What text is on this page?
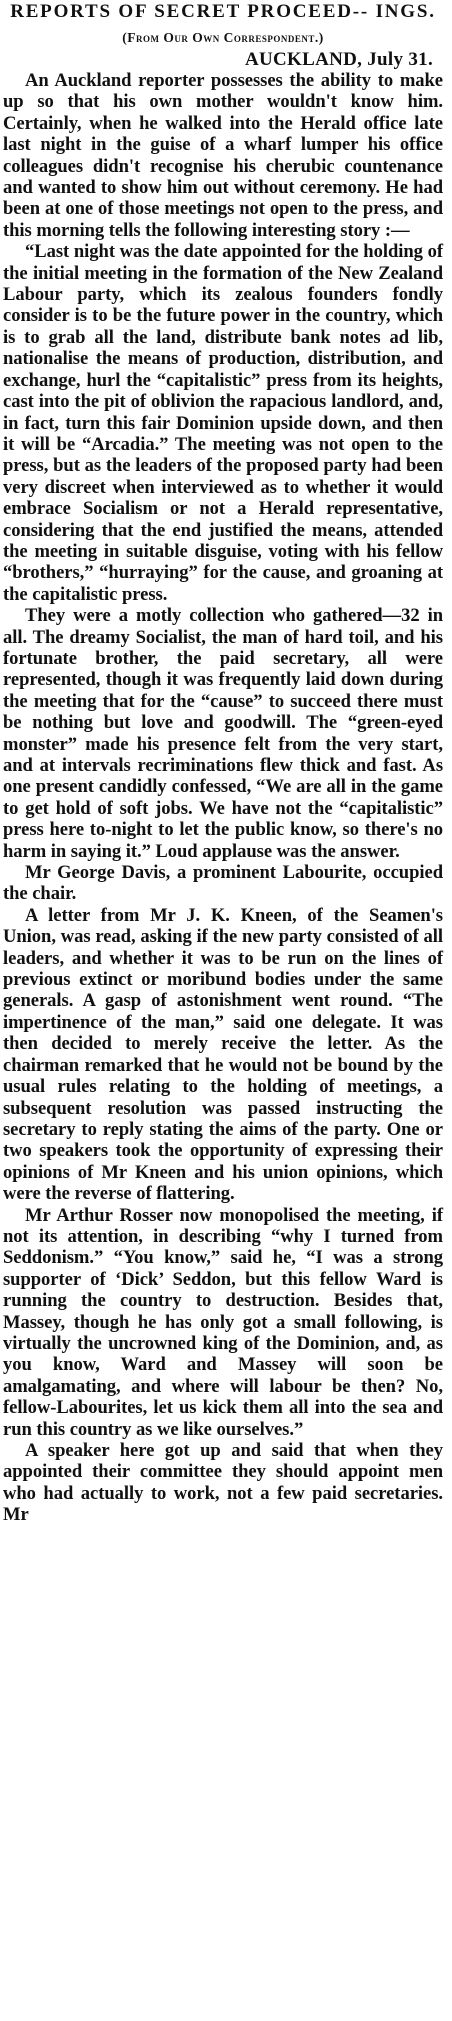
REPORTS OF SECRET PROCEED-- INGS.
(From Our Own Correspondent.)
AUCKLAND, July 31.

An Auckland reporter possesses the ability to make up so that his own mother wouldn't know him. Certainly, when he walked into the Herald office late last night in the guise of a wharf lumper his office colleagues didn't recognise his cherubic countenance and wanted to show him out without ceremony. He had been at one of those meetings not open to the press, and this morning tells the following interesting story :—

“Last night was the date appointed for the holding of the initial meeting in the formation of the New Zealand Labour party, which its zealous founders fondly consider is to be the future power in the country, which is to grab all the land, distribute bank notes ad lib, nationalise the means of production, distribution, and exchange, hurl the “capitalistic” press from its heights, cast into the pit of oblivion the rapacious landlord, and, in fact, turn this fair Dominion upside down, and then it will be “Arcadia.” The meeting was not open to the press, but as the leaders of the proposed party had been very discreet when interviewed as to whether it would embrace Socialism or not a Herald representative, considering that the end justified the means, attended the meeting in suitable disguise, voting with his fellow “brothers,” “hurraying” for the cause, and groaning at the capitalistic press.

They were a motly collection who gathered—32 in all. The dreamy Socialist, the man of hard toil, and his fortunate brother, the paid secretary, all were represented, though it was frequently laid down during the meeting that for the “cause” to succeed there must be nothing but love and goodwill. The “green-eyed monster” made his presence felt from the very start, and at intervals recriminations flew thick and fast. As one present candidly confessed, “We are all in the game to get hold of soft jobs. We have not the “capitalistic” press here to-night to let the public know, so there's no harm in saying it.” Loud applause was the answer.

Mr George Davis, a prominent Labourite, occupied the chair.

A letter from Mr J. K. Kneen, of the Seamen's Union, was read, asking if the new party consisted of all leaders, and whether it was to be run on the lines of previous extinct or moribund bodies under the same generals. A gasp of astonishment went round. “The impertinence of the man,” said one delegate. It was then decided to merely receive the letter. As the chairman remarked that he would not be bound by the usual rules relating to the holding of meetings, a subsequent resolution was passed instructing the secretary to reply stating the aims of the party. One or two speakers took the opportunity of expressing their opinions of Mr Kneen and his union opinions, which were the reverse of flattering.

Mr Arthur Rosser now monopolised the meeting, if not its attention, in describing “why I turned from Seddonism.” “You know,” said he, “I was a strong supporter of ‘Dick’ Seddon, but this fellow Ward is running the country to destruction. Besides that, Massey, though he has only got a small following, is virtually the uncrowned king of the Dominion, and, as you know, Ward and Massey will soon be amalgamating, and where will labour be then? No, fellow-Labourites, let us kick them all into the sea and run this country as we like ourselves.”

A speaker here got up and said that when they appointed their committee they should appoint men who had actually to work, not a few paid secretaries. Mr
